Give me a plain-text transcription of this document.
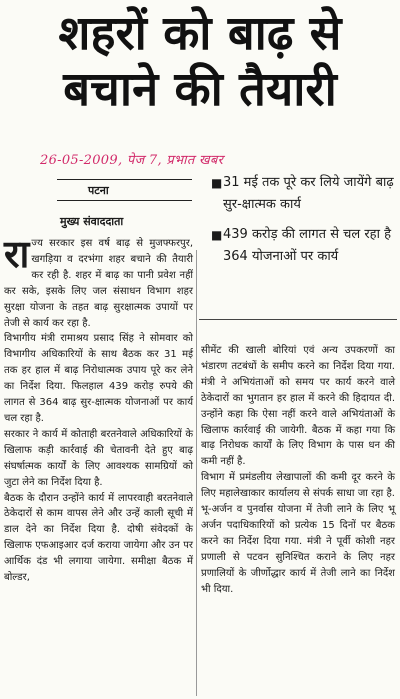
शहरों को बाढ़ से
बचाने की तैयारी
26-05-2009, पेज 7, प्रभात खबर
पटना
मुख्य संवाददाता
■ 31 मई तक पूरे कर लिये जायेंगे बाढ़ सुर-क्षात्मक कार्य
■ 439 करोड़ की लागत से चल रहा है 364 योजनाओं पर कार्य

राज्य सरकार इस वर्ष बाढ़ से मुजफ्फरपुर, खगड़िया व दरभंगा शहर बचाने की तैयारी कर रही है. शहर में बाढ़ का पानी प्रवेश नहीं कर सके, इसके लिए जल संसाधन विभाग शहर सुरक्षा योजना के तहत बाढ़ सुरक्षात्मक उपायों पर तेजी से कार्य कर रहा है.

विभागीय मंत्री रामाश्रय प्रसाद सिंह ने सोमवार को विभागीय अधिकारियों के साथ बैठक कर 31 मई तक हर हाल में बाढ़ निरोधात्मक उपाय पूरे कर लेने का निर्देश दिया. फिलहाल 439 करोड़ रुपये की लागत से 364 बाढ़ सुर-क्षात्मक योजनाओं पर कार्य चल रहा है.

सरकार ने कार्य में कोताही बरतनेवाले अधिकारियों के खिलाफ कड़ी कार्रवाई की चेतावनी देते हुए बाढ़ संघर्षात्मक कार्यों के लिए आवश्यक सामग्रियों को जुटा लेने का निर्देश दिया है.

बैठक के दौरान उन्होंने कार्य में लापरवाही बरतनेवाले ठेकेदारों से काम वापस लेने और उन्हें काली सूची में डाल देने का निर्देश दिया है. दोषी संवेदकों के खिलाफ एफआइआर दर्ज कराया जायेगा और उन पर आर्थिक दंड भी लगाया जायेगा. समीक्षा बैठक में बोल्डर,

सीमेंट की खाली बोरियां एवं अन्य उपकरणों का भंडारण तटबंधों के समीप करने का निर्देश दिया गया. मंत्री ने अभियंताओं को समय पर कार्य करने वाले ठेकेदारों का भुगतान हर हाल में करने की हिदायत दी. उन्होंने कहा कि ऐसा नहीं करने वाले अभियंताओं के खिलाफ कार्रवाई की जायेगी. बैठक में कहा गया कि बाढ़ निरोधक कार्यों के लिए विभाग के पास धन की कमी नहीं है.

विभाग में प्रमंडलीय लेखापालों की कमी दूर करने के लिए महालेखाकार कार्यालय से संपर्क साधा जा रहा है. भू-अर्जन व पुनर्वास योजना में तेजी लाने के लिए भू अर्जन पदाधिकारियों को प्रत्येक 15 दिनों पर बैठक करने का निर्देश दिया गया. मंत्री ने पूर्वी कोशी नहर प्रणाली से पटवन सुनिश्चित कराने के लिए नहर प्रणालियों के जीर्णोद्धार कार्य में तेजी लाने का निर्देश भी दिया.
